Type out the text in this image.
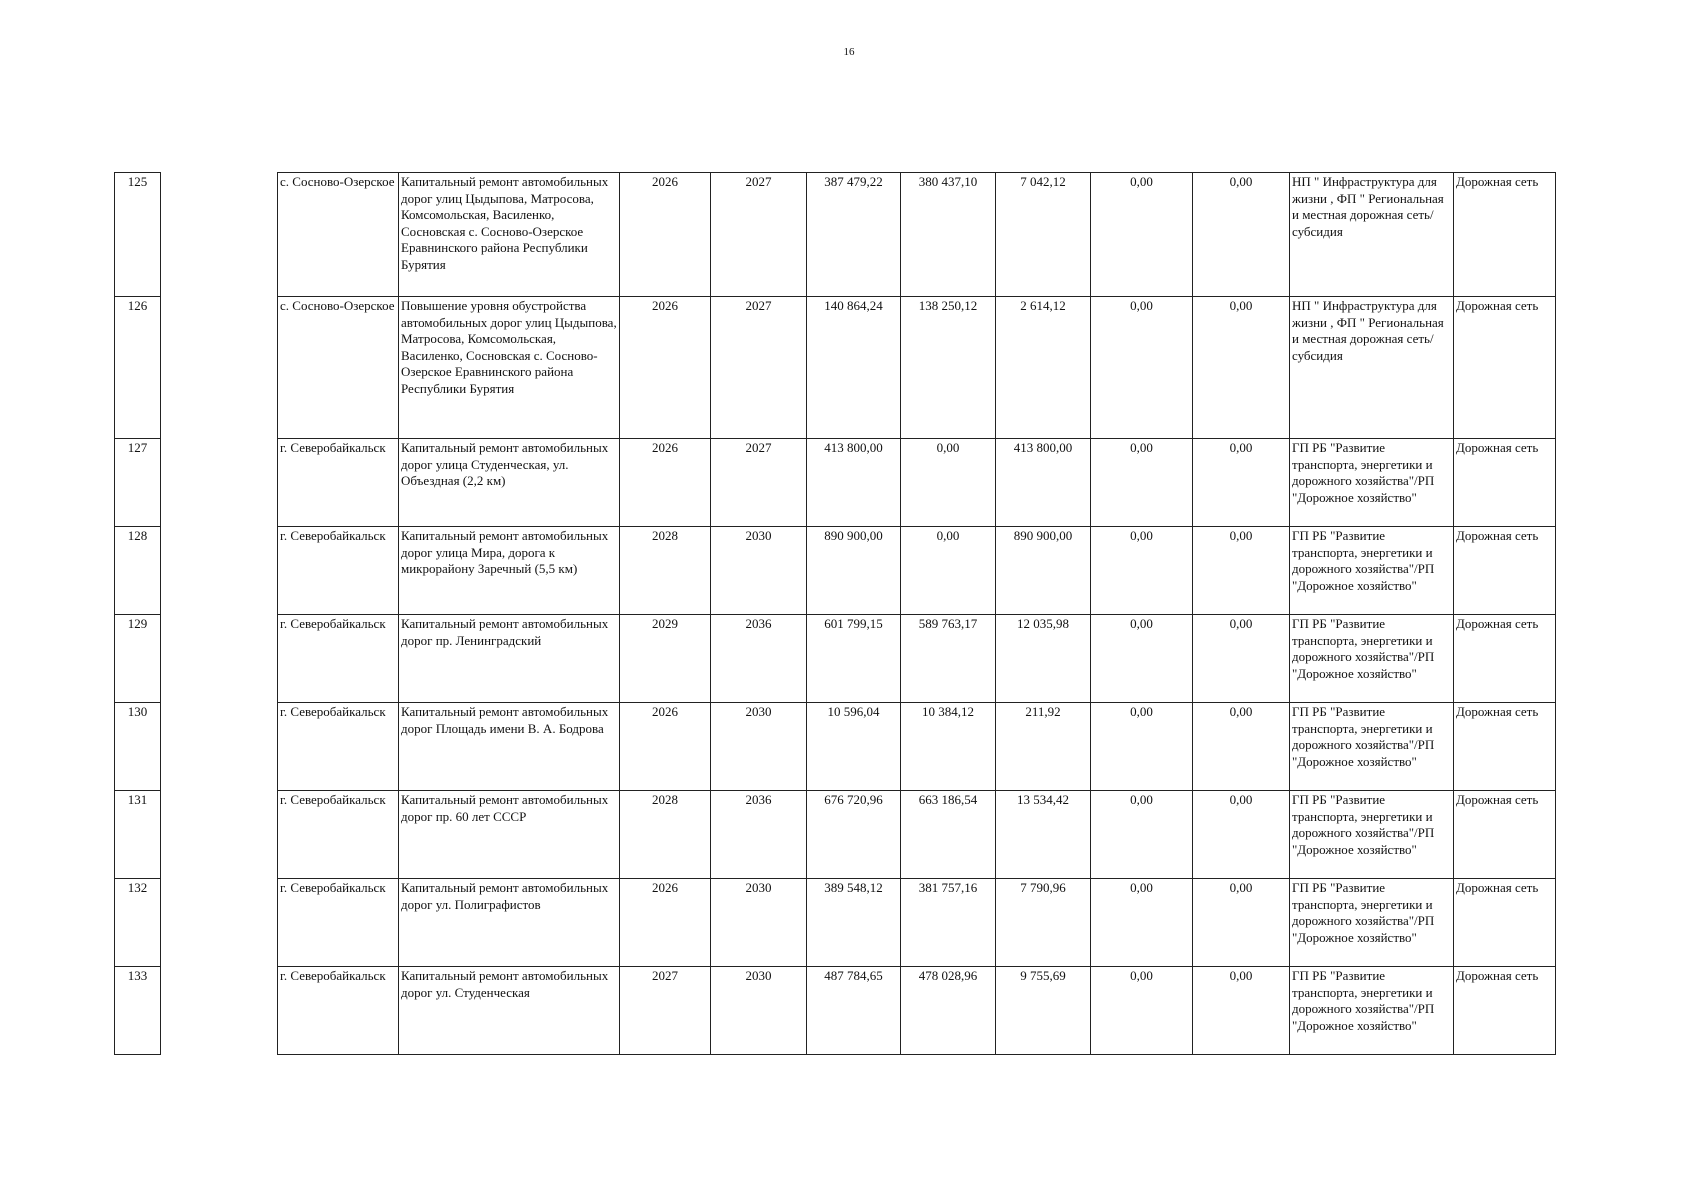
16
125		с. Сосново-Озерское	Капитальный ремонт автомобильных дорог улиц Цыдыпова, Матросова, Комсомольская, Василенко, Сосновская с. Сосново-Озерское Еравнинского района Республики Бурятия	2026	2027	387 479,22	380 437,10	7 042,12	0,00	0,00	НП " Инфраструктура для жизни , ФП " Региональная и местная дорожная сеть/субсидия	Дорожная сеть
126		с. Сосново-Озерское	Повышение уровня обустройства автомобильных дорог улиц Цыдыпова, Матросова, Комсомольская, Василенко, Сосновская с. Сосново-Озерское Еравнинского района Республики Бурятия	2026	2027	140 864,24	138 250,12	2 614,12	0,00	0,00	НП " Инфраструктура для жизни , ФП " Региональная и местная дорожная сеть/субсидия	Дорожная сеть
127		г. Северобайкальск	Капитальный ремонт автомобильных дорог улица Студенческая, ул. Объездная (2,2 км)	2026	2027	413 800,00	0,00	413 800,00	0,00	0,00	ГП РБ "Развитие транспорта, энергетики и дорожного хозяйства"/РП "Дорожное хозяйство"	Дорожная сеть
128		г. Северобайкальск	Капитальный ремонт автомобильных дорог улица Мира, дорога к микрорайону Заречный (5,5 км)	2028	2030	890 900,00	0,00	890 900,00	0,00	0,00	ГП РБ "Развитие транспорта, энергетики и дорожного хозяйства"/РП "Дорожное хозяйство"	Дорожная сеть
129		г. Северобайкальск	Капитальный ремонт автомобильных дорог пр. Ленинградский	2029	2036	601 799,15	589 763,17	12 035,98	0,00	0,00	ГП РБ "Развитие транспорта, энергетики и дорожного хозяйства"/РП "Дорожное хозяйство"	Дорожная сеть
130		г. Северобайкальск	Капитальный ремонт автомобильных дорог Площадь имени В. А. Бодрова	2026	2030	10 596,04	10 384,12	211,92	0,00	0,00	ГП РБ "Развитие транспорта, энергетики и дорожного хозяйства"/РП "Дорожное хозяйство"	Дорожная сеть
131		г. Северобайкальск	Капитальный ремонт автомобильных дорог пр. 60 лет СССР	2028	2036	676 720,96	663 186,54	13 534,42	0,00	0,00	ГП РБ "Развитие транспорта, энергетики и дорожного хозяйства"/РП "Дорожное хозяйство"	Дорожная сеть
132		г. Северобайкальск	Капитальный ремонт автомобильных дорог ул. Полиграфистов	2026	2030	389 548,12	381 757,16	7 790,96	0,00	0,00	ГП РБ "Развитие транспорта, энергетики и дорожного хозяйства"/РП "Дорожное хозяйство"	Дорожная сеть
133		г. Северобайкальск	Капитальный ремонт автомобильных дорог ул. Студенческая	2027	2030	487 784,65	478 028,96	9 755,69	0,00	0,00	ГП РБ "Развитие транспорта, энергетики и дорожного хозяйства"/РП "Дорожное хозяйство"	Дорожная сеть
